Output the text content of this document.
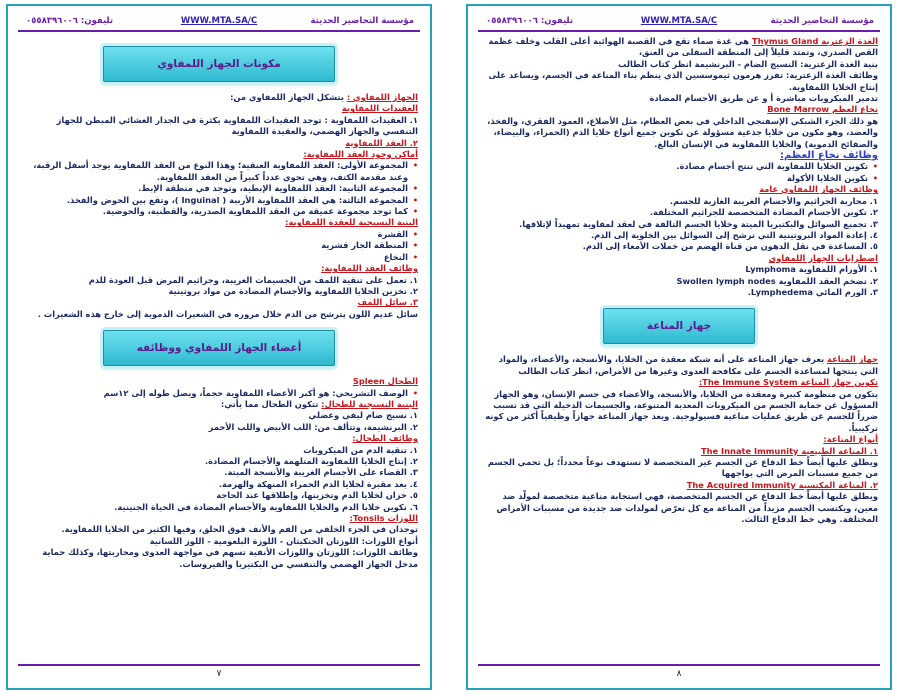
تليفون: ٠٥٥٨٣٩٦٠٠٦	WWW.MTA.SA/C	مؤسسة التحاضير الحديثة
مكونات الجهاز اللمفاوي

الجهاز اللمفاوي : يتشكل الجهاز اللمفاوي من:

العقيدات اللمفاوية

١. العقيدات اللمفاوية : توجد العقيدات اللمفاوية بكثرة في الجدار الغشائي المبطن للجهاز التنفسي والجهاز الهضمي، والعقيدة اللمفاوية

٢. العقد اللمفاوية

أماكن وجود العقد اللمفاوية:

• المجموعة الأولى: العقد اللمفاوية العنقية؛ وهذا النوع من العقد اللمفاوية يوجد أسفل الرقبة، وعند مقدمة الكتف، وهي تحوي عدداً كبيراً من العقد اللمفاوية.

• المجموعة الثانية: العقد اللمفاوية الإبطية، وتوجد في منطقة الإبط.

• المجموعة الثالثة: هي العقد اللمفاوية الأربية ( Inguinal )، وتقع بين الحوض والفخذ.

• كما توجد مجموعة عميقة من العقد اللمفاوية الصدرية، والقطنية، والحوضية.

البنية النسيجية للعقدة اللمفاوية:

• القشرة

• المنطقة الجار قشرية

• النخاع

وظائف العقد اللمفاوية:

١. تعمل على تنقية اللمف من الجسيمات الغريبة، وجراثيم المرض قبل العودة للدم

٢. تخزين الخلايا اللمفاوية والأجسام المضادة من مواد بروتينية

٣. سائل اللمف

سائل عديم اللون يترشح من الدم خلال مروره في الشعيرات الدموية إلى خارج هذه الشعيرات .

أعضاء الجهاز اللمفاوي ووظائفه

الطحال Spleen

• الوصف التشريحي: هو أكبر الأعضاء اللمفاوية حجماً، ويصل طوله إلى ١٢سم

البنية النسيجية للطحال: تتكون الطحال مما يأتي:

١. نسيج ضام ليفي وعضلي

٢. البرنشيمة، وتتألف من: اللب الأبيض واللب الأحمر

وظائف الطحال:

١. تنقية الدم من الميكروبات

٢. إنتاج الخلايا اللمفاوية المتلهمة والأجسام المضادة.

٣. القضاء على الأجسام الغريبة والأنسجة الميتة.

٤. يعد مقبرة لخلايا الدم الحمراء المنهكة والهرمة.

٥. خزان لخلايا الدم وتخزينها، وإطلاقها عند الحاجة

٦. تكوين خلايا الدم والخلايا اللمفاوية والأجسام المضادة في الحياة الجنينية.

اللوزات Tonsils:

توجدان في الجزء الخلفي من الفم والأنف فوق الحلق، وفيها الكثير من الخلايا اللمفاوية.

أنواع اللوزات: اللوزتان الحنكيتان - اللوزة البلعومية - اللوز اللسانية

وظائف اللوزات: اللوزتان واللوزات الأنفية تسهم في مواجهة العدوى ومحاربتها، وكذلك حماية مدخل الجهاز الهضمي والتنفسي من البكتيريا والفيروسات.

٧
تليفون: ٠٥٥٨٣٩٦٠٠٦	WWW.MTA.SA/C	مؤسسة التحاضير الحديثة

الغدة الزعترية Thymus Gland هي غدة صماء تقع في القصبة الهوائية أعلى القلب وخلف عظمة القص الصدري، وتمتد قليلاً إلى المنطقة السفلى من العنق،

بنية الغدة الزعترية: النسيج الضام - البرنشيمة انظر كتاب الطالب

وظائف الغدة الزعترية: تفرز هرمون ثيموسسين الذي ينظم بناء المناعة في الجسم، ويساعد على إنتاج الخلايا اللمفاوية.

تدمير الميكروبات مباشرة أ و عن طريق الأجسام المضادة

نخاع العظم Bone Marrow

هو ذلك الجزء الشبكي الإسفنجي الداخلي في بعض العظام، مثل الأضلاع، العمود الفقري، والفخذ، والعضد، وهو مكون من خلايا جذعية مسؤولة عن تكوين جميع أنواع خلايا الدم (الحمراء، والبيضاء، والصفائح الدموية) والخلايا اللمفاوية في الإنسان البالغ.

وظائف نخاع العظم:

• تكوين الخلايا اللمفاوية التي تنتج أجسام مضادة.

• تكوين الخلايا الأكولة

وظائف الجهاز اللمفاوي عامة

١. محاربة الجراثيم والأجسام الغريبة الغازية للجسم.

٢. تكوين الأجسام المضادة المتخصصة للجراثيم المختلفة.

٣. تجميع السوائل والبكتيريا الميتة وخلايا الجسم التالفة في لعقد لمفاوية تمهيداً لإتلافها.

٤. إعادة المواد البروتينية التي ترشح إلى السوائل بين الخلوية إلى الدم.

٥. المساعدة في نقل الدهون من قناة الهضم من خملات الأمعاء إلى الدم.

اضطرابات الجهاز اللمفاوي

١. الأورام اللمفاوية Lymphoma

٢. تضخم العقد اللمفاوية Swollen lymph nodes

٣. الورم المائي Lymphedema.

جهاز المناعة

جهاز المناعة يعرف جهاز المناعة على أنه شبكة معقدة من الخلايا، والأنسجة، والأعضاء، والمواد التي ينتجها لمساعدة الجسم على مكافحة العدوى وغيرها من الأمراض، انظر كتاب الطالب

تكوين جهاز المناعة The Immune System:

يتكون من منظومة كبيرة ومعقدة من الخلايا، والأنسجة، والأعضاء في جسم الإنسان، وهو الجهاز المسؤول عن حماية الجسم من الميكروبات المعدية المتنوعة، والجسيمات الدخيلة التي قد تسبب ضرراً للجسم عن طريق عمليات مناعية فسيولوجية. ويعد جهاز المناعة جهازاً وظيفياً أكثر من كونه تركيبياً.

أنواع المناعة:

١. المناعة الطبيعية The Innate Immunity

ويطلق عليها أيضاً خط الدفاع عن الجسم غير المتخصصة لا تستهدف نوعاً محدداً؛ بل تحمي الجسم من جميع مسببات المرض التي يواجهها

٢. المناعة المكتسبة The Acquired Immunity

ويطلق عليها أيضاً خط الدفاع عن الجسم المتخصصة، فهي استجابة مناعية متخصصة لمولّد ضد معين، ويكتسب الجسم مزيداً من المناعة مع كل تعرّض لمولدات ضد جديدة من مسببات الأمراض المختلفة. وهي خط الدفاع الثالث.

٨
